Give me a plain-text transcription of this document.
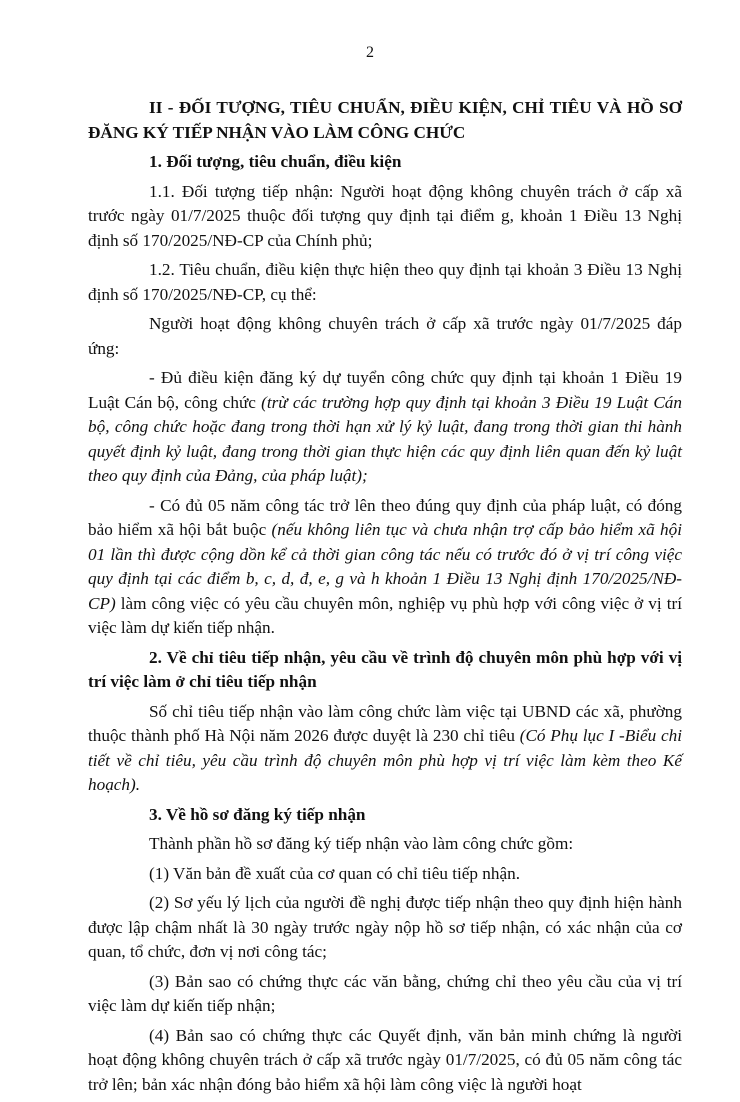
2

II - ĐỐI TƯỢNG, TIÊU CHUẨN, ĐIỀU KIỆN, CHỈ TIÊU VÀ HỒ SƠ ĐĂNG KÝ TIẾP NHẬN VÀO LÀM CÔNG CHỨC

1. Đối tượng, tiêu chuẩn, điều kiện

1.1. Đối tượng tiếp nhận: Người hoạt động không chuyên trách ở cấp xã trước ngày 01/7/2025 thuộc đối tượng quy định tại điểm g, khoản 1 Điều 13 Nghị định số 170/2025/NĐ-CP của Chính phủ;

1.2. Tiêu chuẩn, điều kiện thực hiện theo quy định tại khoản 3 Điều 13 Nghị định số 170/2025/NĐ-CP, cụ thể:

Người hoạt động không chuyên trách ở cấp xã trước ngày 01/7/2025 đáp ứng:

- Đủ điều kiện đăng ký dự tuyển công chức quy định tại khoản 1 Điều 19 Luật Cán bộ, công chức (trừ các trường hợp quy định tại khoản 3 Điều 19 Luật Cán bộ, công chức hoặc đang trong thời hạn xử lý kỷ luật, đang trong thời gian thi hành quyết định kỷ luật, đang trong thời gian thực hiện các quy định liên quan đến kỷ luật theo quy định của Đảng, của pháp luật);

- Có đủ 05 năm công tác trở lên theo đúng quy định của pháp luật, có đóng bảo hiểm xã hội bắt buộc (nếu không liên tục và chưa nhận trợ cấp bảo hiểm xã hội 01 lần thì được cộng dồn kể cả thời gian công tác nếu có trước đó ở vị trí công việc quy định tại các điểm b, c, d, đ, e, g và h khoản 1 Điều 13 Nghị định 170/2025/NĐ-CP) làm công việc có yêu cầu chuyên môn, nghiệp vụ phù hợp với công việc ở vị trí việc làm dự kiến tiếp nhận.

2. Về chỉ tiêu tiếp nhận, yêu cầu về trình độ chuyên môn phù hợp với vị trí việc làm ở chỉ tiêu tiếp nhận

Số chỉ tiêu tiếp nhận vào làm công chức làm việc tại UBND các xã, phường thuộc thành phố Hà Nội năm 2026 được duyệt là 230 chỉ tiêu (Có Phụ lục I -Biểu chi tiết về chỉ tiêu, yêu cầu trình độ chuyên môn phù hợp vị trí việc làm kèm theo Kế hoạch).

3. Về hồ sơ đăng ký tiếp nhận

Thành phần hồ sơ đăng ký tiếp nhận vào làm công chức gồm:

(1) Văn bản đề xuất của cơ quan có chỉ tiêu tiếp nhận.

(2) Sơ yếu lý lịch của người đề nghị được tiếp nhận theo quy định hiện hành được lập chậm nhất là 30 ngày trước ngày nộp hồ sơ tiếp nhận, có xác nhận của cơ quan, tổ chức, đơn vị nơi công tác;

(3) Bản sao có chứng thực các văn bằng, chứng chỉ theo yêu cầu của vị trí việc làm dự kiến tiếp nhận;

(4) Bản sao có chứng thực các Quyết định, văn bản minh chứng là người hoạt động không chuyên trách ở cấp xã trước ngày 01/7/2025, có đủ 05 năm công tác trở lên; bản xác nhận đóng bảo hiểm xã hội làm công việc là người hoạt
